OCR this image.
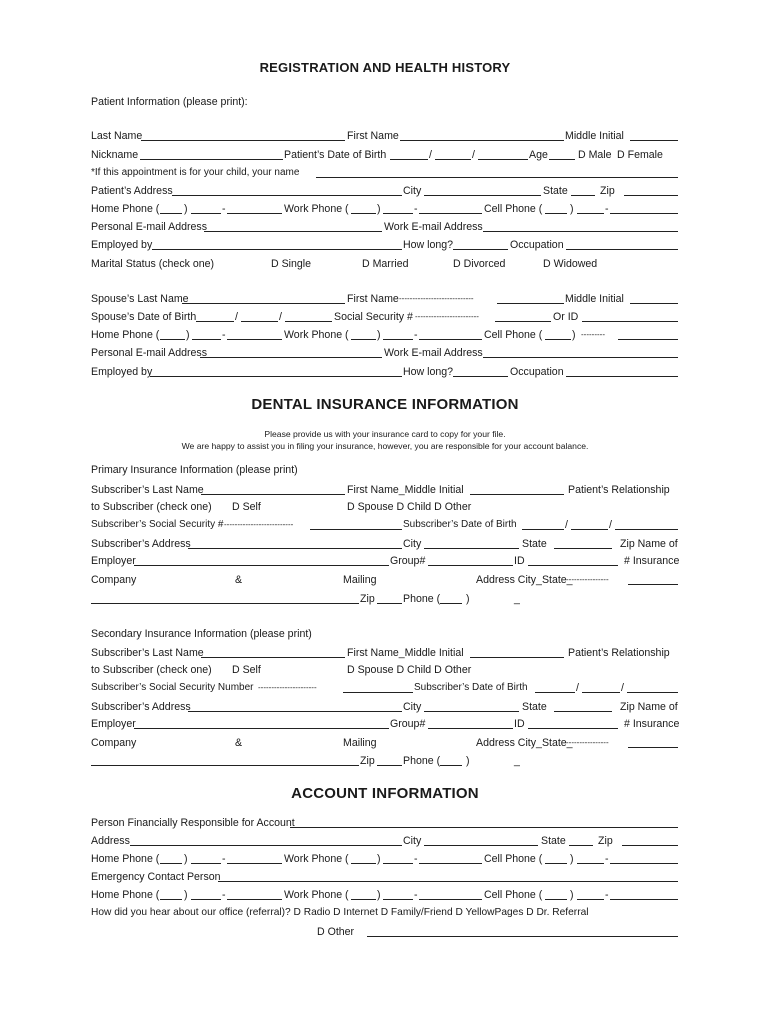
REGISTRATION AND HEALTH HISTORY
Patient Information (please print):
Last Name	First Name	Middle Initial
Nickname	Patient’s Date of Birth	/	/	Age	D Male D Female
*If this appointment is for your child, your name
Patient’s Address	City	State	Zip
Home Phone ( )	-	Work Phone (	)	-	Cell Phone (	)	-
Personal E-mail Address	Work E-mail Address
Employed by	How long?	Occupation
Marital Status (check one)	D Single	D Married	D Divorced	D Widowed
Spouse’s Last Name	First Name ----------------------------	Middle Initial
Spouse’s Date of Birth	/	/	Social Security # ------------------------	Or ID
Home Phone (	)	-	Work Phone (	)	-	Cell Phone (	) ---------
Personal E-mail Address	Work E-mail Address
Employed by	How long?	Occupation
DENTAL INSURANCE INFORMATION
Please provide us with your insurance card to copy for your file.
We are happy to assist you in filing your insurance, however, you are responsible for your account balance.
Primary Insurance Information (please print)
Subscriber’s Last Name	First Name_Middle Initial	Patient’s Relationship
to Subscriber (check one) D Self	D Spouse D Child D Other
Subscriber’s Social Security # --------------------------	Subscriber’s Date of Birth	/	/
Subscriber’s Address	City	State	Zip Name of
Employer	Group#	ID	# Insurance
Company	&	Mailing	Address City_State_
----------------
Zip	Phone ( )	_
Secondary Insurance Information (please print)
Subscriber’s Last Name	First Name_Middle Initial	Patient’s Relationship
to Subscriber (check one) D Self	D Spouse D Child D Other
Subscriber’s Social Security Number ----------------------	Subscriber’s Date of Birth	/	/
Subscriber’s Address	City	State	Zip Name of
Employer	Group#	ID	# Insurance
Company	&	Mailing	Address City_State_
----------------
Zip	Phone ( )	_
ACCOUNT INFORMATION
Person Financially Responsible for Account
Address	City	State	Zip
Home Phone ( )	-	Work Phone (	)	-	Cell Phone (	)	-
Emergency Contact Person
Home Phone ( )	-	Work Phone (	)	-	Cell Phone (	)	-
How did you hear about our office (referral)? D Radio D Internet D Family/Friend D YellowPages D Dr. Referral
D Other
